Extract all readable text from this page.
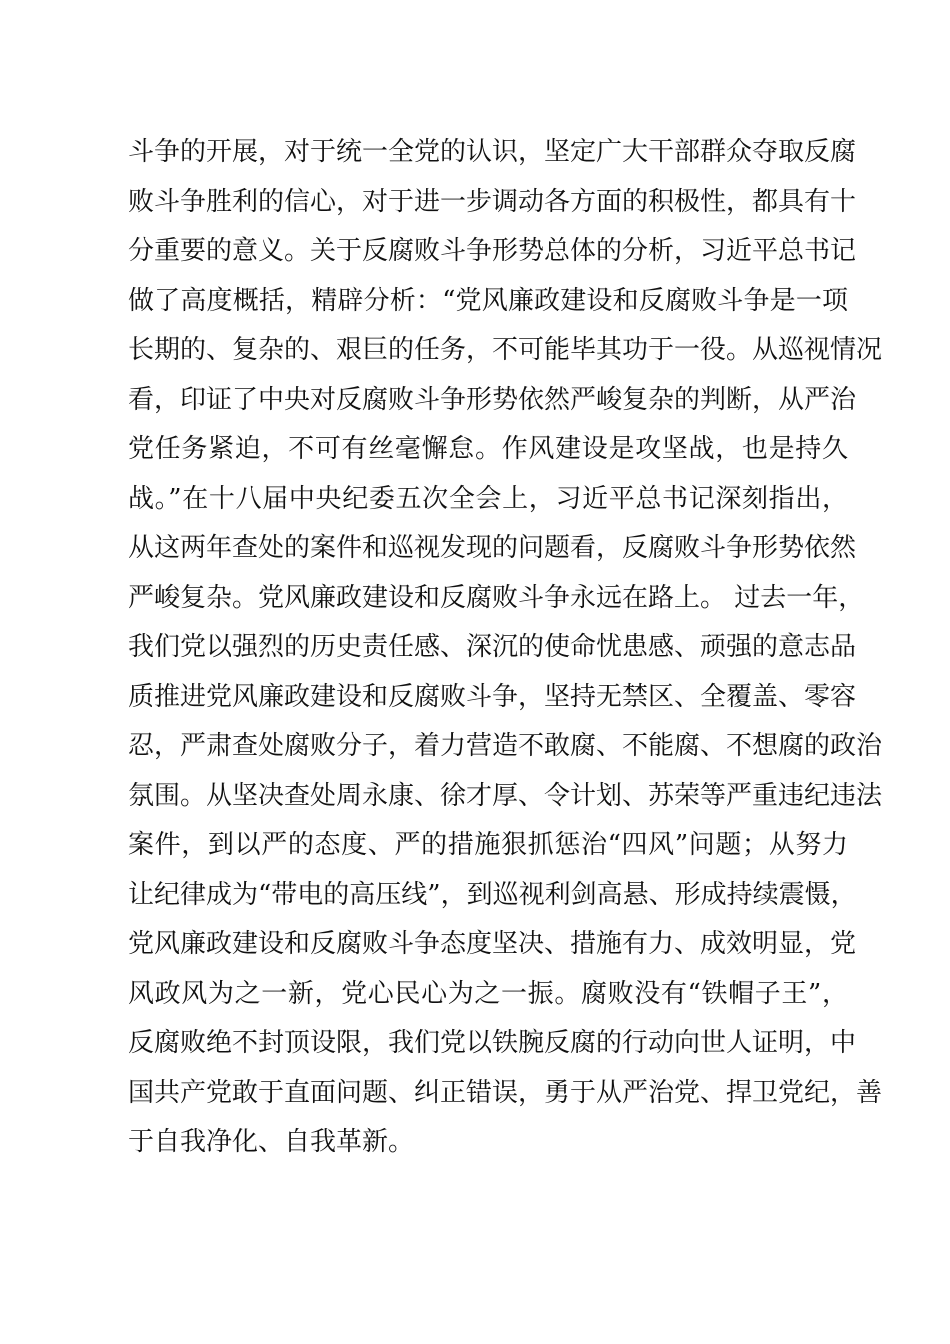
斗争的开展，对于统一全党的认识，坚定广大干部群众夺取反腐
败斗争胜利的信心，对于进一步调动各方面的积极性，都具有十
分重要的意义。关于反腐败斗争形势总体的分析，习近平总书记
做了高度概括，精辟分析：“党风廉政建设和反腐败斗争是一项
长期的、复杂的、艰巨的任务，不可能毕其功于一役。从巡视情况
看，印证了中央对反腐败斗争形势依然严峻复杂的判断，从严治
党任务紧迫，不可有丝毫懈怠。作风建设是攻坚战，也是持久
战。”在十八届中央纪委五次全会上，习近平总书记深刻指出，
从这两年查处的案件和巡视发现的问题看，反腐败斗争形势依然
严峻复杂。党风廉政建设和反腐败斗争永远在路上。 过去一年，
我们党以强烈的历史责任感、深沉的使命忧患感、顽强的意志品
质推进党风廉政建设和反腐败斗争，坚持无禁区、全覆盖、零容
忍，严肃查处腐败分子，着力营造不敢腐、不能腐、不想腐的政治
氛围。从坚决查处周永康、徐才厚、令计划、苏荣等严重违纪违法
案件，到以严的态度、严的措施狠抓惩治“四风”问题；从努力
让纪律成为“带电的高压线”，到巡视利剑高悬、形成持续震慑，
党风廉政建设和反腐败斗争态度坚决、措施有力、成效明显，党
风政风为之一新，党心民心为之一振。腐败没有“铁帽子王”，
反腐败绝不封顶设限，我们党以铁腕反腐的行动向世人证明，中
国共产党敢于直面问题、纠正错误，勇于从严治党、捍卫党纪，善
于自我净化、自我革新。
